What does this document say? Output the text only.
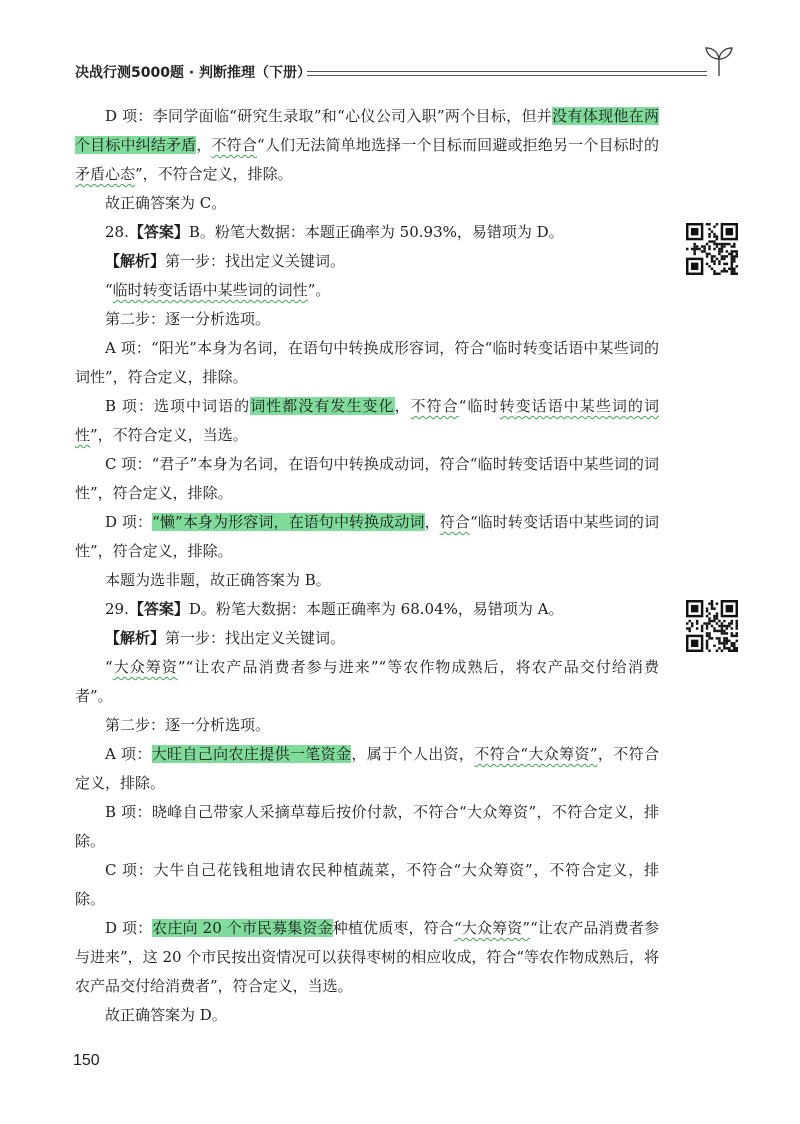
决战行测5000题 · 判断推理（下册）

D 项：李同学面临“研究生录取”和“心仪公司入职”两个目标，但并没有体现他在两个目标中纠结矛盾，不符合“人们无法简单地选择一个目标而回避或拒绝另一个目标时的矛盾心态”，不符合定义，排除。

故正确答案为 C。

28.【答案】B。粉笔大数据：本题正确率为 50.93%，易错项为 D。

【解析】第一步：找出定义关键词。

“临时转变话语中某些词的词性”。

第二步：逐一分析选项。

A 项：“阳光”本身为名词，在语句中转换成形容词，符合“临时转变话语中某些词的词性”，符合定义，排除。

B 项：选项中词语的词性都没有发生变化，不符合“临时转变话语中某些词的词性”，不符合定义，当选。

C 项：“君子”本身为名词，在语句中转换成动词，符合“临时转变话语中某些词的词性”，符合定义，排除。

D 项：“懒”本身为形容词，在语句中转换成动词，符合“临时转变话语中某些词的词性”，符合定义，排除。

本题为选非题，故正确答案为 B。

29.【答案】D。粉笔大数据：本题正确率为 68.04%，易错项为 A。

【解析】第一步：找出定义关键词。

“大众筹资”“让农产品消费者参与进来”“等农作物成熟后，将农产品交付给消费者”。

第二步：逐一分析选项。

A 项：大旺自己向农庄提供一笔资金，属于个人出资，不符合“大众筹资”，不符合定义，排除。

B 项：晓峰自己带家人采摘草莓后按价付款，不符合“大众筹资”，不符合定义，排除。

C 项：大牛自己花钱租地请农民种植蔬菜，不符合“大众筹资”，不符合定义，排除。

D 项：农庄向 20 个市民募集资金种植优质枣，符合“大众筹资”“让农产品消费者参与进来”，这 20 个市民按出资情况可以获得枣树的相应收成，符合“等农作物成熟后，将农产品交付给消费者”，符合定义，当选。

故正确答案为 D。

150
